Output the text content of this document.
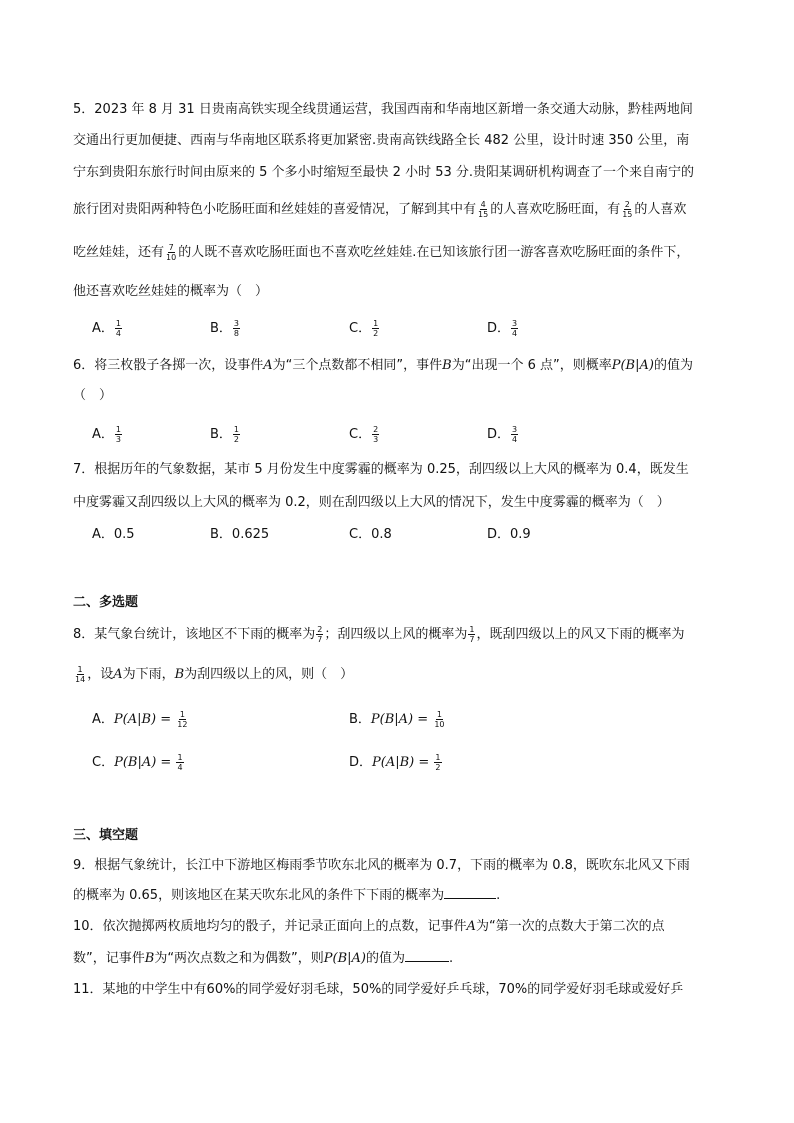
5．2023 年 8 月 31 日贵南高铁实现全线贯通运营，我国西南和华南地区新增一条交通大动脉，黔桂两地间
交通出行更加便捷、西南与华南地区联系将更加紧密.贵南高铁线路全长 482 公里，设计时速 350 公里，南
宁东到贵阳东旅行时间由原来的 5 个多小时缩短至最快 2 小时 53 分.贵阳某调研机构调查了一个来自南宁的
旅行团对贵阳两种特色小吃肠旺面和丝娃娃的喜爱情况，了解到其中有 $\frac{4}{15}$ 的人喜欢吃肠旺面，有 $\frac{2}{15}$ 的人喜欢
吃丝娃娃，还有 $\frac{7}{10}$ 的人既不喜欢吃肠旺面也不喜欢吃丝娃娃.在已知该旅行团一游客喜欢吃肠旺面的条件下，
他还喜欢吃丝娃娃的概率为（　）
A． $\frac{1}{4}$	B． $\frac{3}{8}$	C． $\frac{1}{2}$	D． $\frac{3}{4}$
6．将三枚骰子各掷一次，设事件A为“三个点数都不相同”，事件B为“出现一个 6 点”，则概率P(B|A)的值为
（　）
A． $\frac{1}{3}$	B． $\frac{1}{2}$	C． $\frac{2}{3}$	D． $\frac{3}{4}$
7．根据历年的气象数据，某市 5 月份发生中度雾霾的概率为 0.25，刮四级以上大风的概率为 0.4，既发生
中度雾霾又刮四级以上大风的概率为 0.2，则在刮四级以上大风的情况下，发生中度雾霾的概率为（　）
A．0.5	B．0.625	C．0.8	D．0.9
二、多选题
8．某气象台统计，该地区不下雨的概率为 $\frac{2}{7}$ ；刮四级以上风的概率为 $\frac{1}{7}$ ，既刮四级以上的风又下雨的概率为
$\frac{1}{14}$ ，设A为下雨，B为刮四级以上的风，则（　）
A．$P(A|B) = \frac{1}{12}$	B．$P(B|A) = \frac{1}{10}$
C．$P(B|A) = \frac{1}{4}$	D．$P(A|B) = \frac{1}{2}$
三、填空题
9．根据气象统计，长江中下游地区梅雨季节吹东北风的概率为 0.7，下雨的概率为 0.8，既吹东北风又下雨
的概率为 0.65，则该地区在某天吹东北风的条件下下雨的概率为	.
10．依次抛掷两枚质地均匀的骰子，并记录正面向上的点数，记事件A为“第一次的点数大于第二次的点
数”，记事件B为“两次点数之和为偶数”，则P(B|A)的值为	.
11．某地的中学生中有60%的同学爱好羽毛球，50%的同学爱好乒乓球，70%的同学爱好羽毛球或爱好乒
